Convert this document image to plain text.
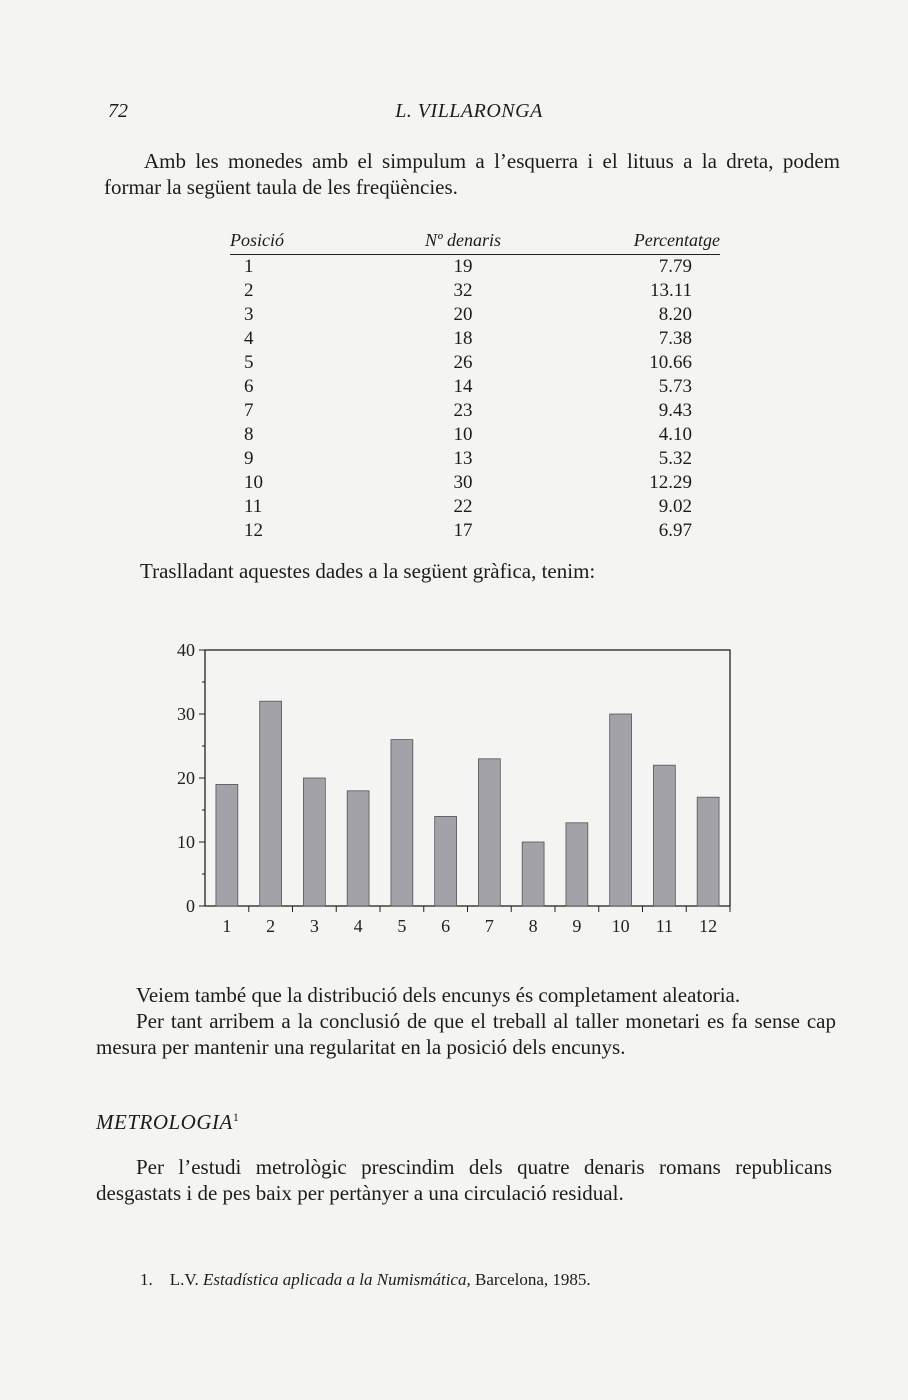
72	L. VILLARONGA
Amb les monedes amb el simpulum a l’esquerra i el lituus a la dreta, podem formar la següent taula de les freqüències.
Posició	Nº denaris	Percentatge
1	19	7.79
2	32	13.11
3	20	8.20
4	18	7.38
5	26	10.66
6	14	5.73
7	23	9.43
8	10	4.10
9	13	5.32
10	30	12.29
11	22	9.02
12	17	6.97
Traslladant aquestes dades a la següent gràfica, tenim:
0
10
20
30
40
1 2 3 4 5 6 7 8 9 10 11 12
Veiem també que la distribució dels encunys és completament aleatoria.
Per tant arribem a la conclusió de que el treball al taller monetari es fa sense cap mesura per mantenir una regularitat en la posició dels encunys.
METROLOGIA$^1$
Per l’estudi metrològic prescindim dels quatre denaris romans republicans desgastats i de pes baix per pertànyer a una circulació residual.
1. L.V. Estadística aplicada a la Numismática, Barcelona, 1985.
